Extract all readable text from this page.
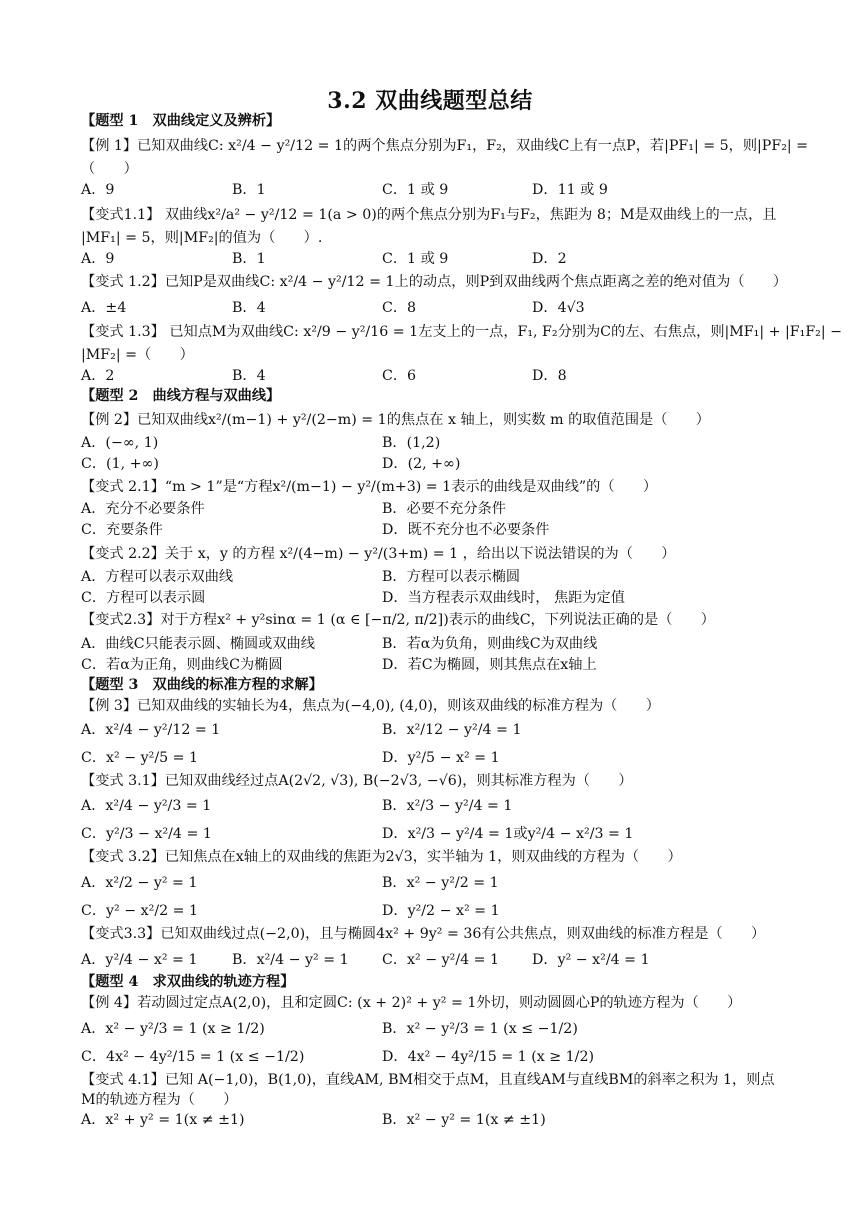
3.2 双曲线题型总结
【题型 1　双曲线定义及辨析】
【例 1】已知双曲线C: x²/4 − y²/12 = 1的两个焦点分别为F₁，F₂，双曲线C上有一点P，若|PF₁| = 5，则|PF₂| =
（　　）
A．9	B．1	C．1 或 9	D．11 或 9
【变式1.1】 双曲线x²/a² − y²/12 = 1(a > 0)的两个焦点分别为F₁与F₂，焦距为 8；M是双曲线上的一点，且
|MF₁| = 5，则|MF₂|的值为（　　）.
A．9	B．1	C．1 或 9	D．2
【变式 1.2】已知P是双曲线C: x²/4 − y²/12 = 1上的动点，则P到双曲线两个焦点距离之差的绝对值为（　　）
A．±4	B．4	C．8	D．4√3
【变式 1.3】 已知点M为双曲线C: x²/9 − y²/16 = 1左支上的一点，F₁, F₂分别为C的左、右焦点，则|MF₁| + |F₁F₂| −
|MF₂| =（　　）
A．2	B．4	C．6	D．8
【题型 2　曲线方程与双曲线】
【例 2】已知双曲线x²/(m−1) + y²/(2−m) = 1的焦点在 x 轴上，则实数 m 的取值范围是（　　）
A．(−∞, 1)	B．(1,2)
C．(1, +∞)	D．(2, +∞)
【变式 2.1】“m > 1”是“方程x²/(m−1) − y²/(m+3) = 1表示的曲线是双曲线”的（　　）
A．充分不必要条件	B．必要不充分条件
C．充要条件	D．既不充分也不必要条件
【变式 2.2】关于 x，y 的方程 x²/(4−m) − y²/(3+m) = 1 ，给出以下说法错误的为（　　）
A．方程可以表示双曲线	B．方程可以表示椭圆
C．方程可以表示圆	D．当方程表示双曲线时， 焦距为定值
【变式2.3】对于方程x² + y²sinα = 1 (α ∈ [−π/2, π/2])表示的曲线C，下列说法正确的是（　　）
A．曲线C只能表示圆、椭圆或双曲线	B．若α为负角，则曲线C为双曲线
C．若α为正角，则曲线C为椭圆	D．若C为椭圆，则其焦点在x轴上
【题型 3　双曲线的标准方程的求解】
【例 3】已知双曲线的实轴长为4，焦点为(−4,0), (4,0)，则该双曲线的标准方程为（　　）
A．x²/4 − y²/12 = 1	B．x²/12 − y²/4 = 1
C．x² − y²/5 = 1	D．y²/5 − x² = 1
【变式 3.1】已知双曲线经过点A(2√2, √3), B(−2√3, −√6)，则其标准方程为（　　）
A．x²/4 − y²/3 = 1	B．x²/3 − y²/4 = 1
C．y²/3 − x²/4 = 1	D．x²/3 − y²/4 = 1或y²/4 − x²/3 = 1
【变式 3.2】已知焦点在x轴上的双曲线的焦距为2√3，实半轴为 1，则双曲线的方程为（　　）
A．x²/2 − y² = 1	B．x² − y²/2 = 1
C．y² − x²/2 = 1	D．y²/2 − x² = 1
【变式3.3】已知双曲线过点(−2,0)，且与椭圆4x² + 9y² = 36有公共焦点，则双曲线的标准方程是（　　）
A．y²/4 − x² = 1 B．x²/4 − y² = 1 C．x² − y²/4 = 1 D．y² − x²/4 = 1
【题型 4　求双曲线的轨迹方程】
【例 4】若动圆过定点A(2,0)，且和定圆C: (x + 2)² + y² = 1外切，则动圆圆心P的轨迹方程为（　　）
A．x² − y²/3 = 1 (x ≥ 1/2)	B．x² − y²/3 = 1 (x ≤ −1/2)
C．4x² − 4y²/15 = 1 (x ≤ −1/2)	D．4x² − 4y²/15 = 1 (x ≥ 1/2)
【变式 4.1】已知 A(−1,0)，B(1,0)，直线AM, BM相交于点M，且直线AM与直线BM的斜率之积为 1，则点
M的轨迹方程为（　　）
A．x² + y² = 1(x ≠ ±1)	B．x² − y² = 1(x ≠ ±1)
